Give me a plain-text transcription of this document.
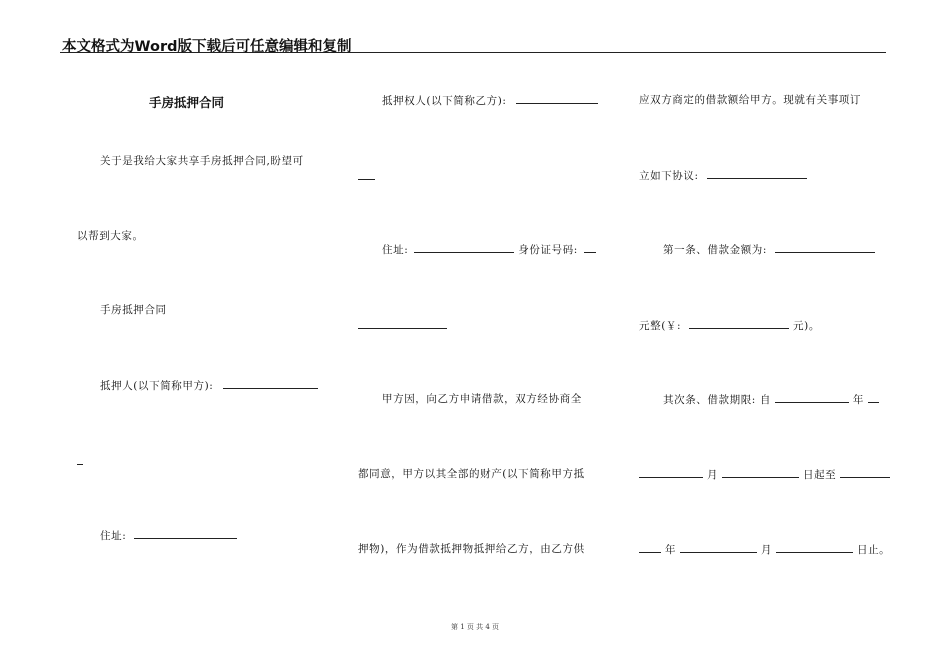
本文格式为Word版下载后可任意编辑和复制
手房抵押合同
关于是我给大家共享手房抵押合同,盼望可
以帮到大家。
手房抵押合同
抵押人(以下简称甲方):
住址:
抵押权人(以下简称乙方):
住址:	身份证号码:
甲方因，向乙方申请借款，双方经协商全
都同意，甲方以其全部的财产(以下简称甲方抵
押物)，作为借款抵押物抵押给乙方，由乙方供
应双方商定的借款额给甲方。现就有关事项订
立如下协议:
第一条、借款金额为:
元整(￥:	元)。
其次条、借款期限: 自	年
月	日起至
年	月	日止。
第 1 页 共 4 页
